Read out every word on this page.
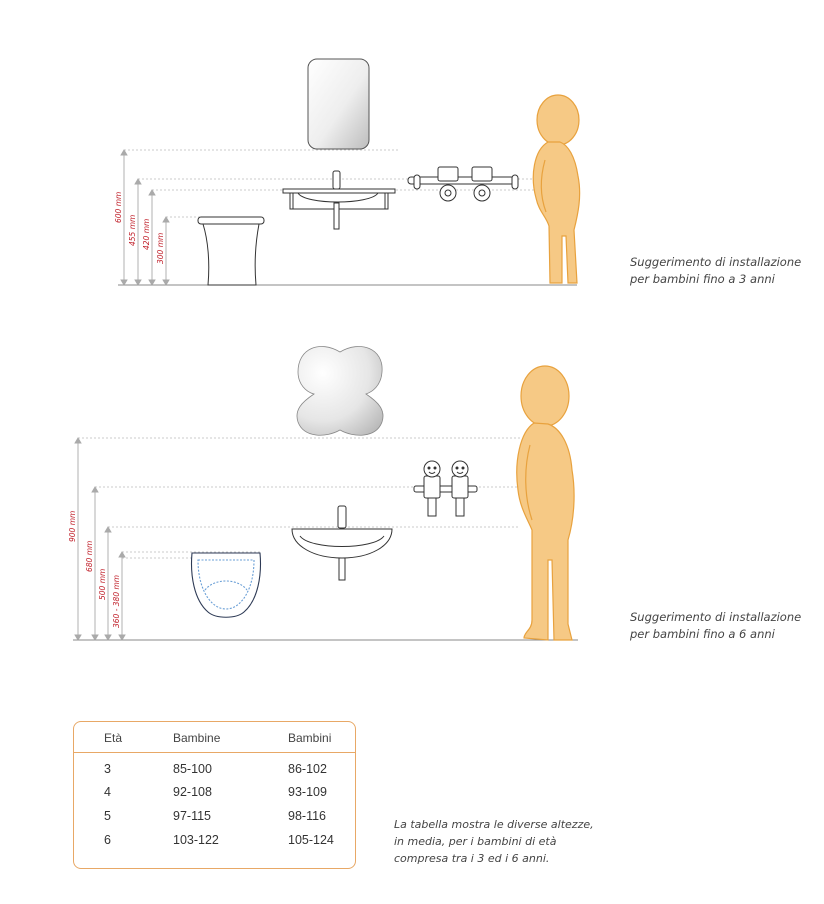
600 mm
455 mm 420 mm 300 mm
900 mm
680 mm
500 mm 360 - 380 mm
Suggerimento di installazione
per bambini fino a 3 anni
Suggerimento di installazione
per bambini fino a 6 anni
Età	Bambine	Bambini
3	85-100	86-102
4	92-108	93-109
5	97-115	98-116
6	103-122	105-124
La tabella mostra le diverse altezze,
in media, per i bambini di età
compresa tra i 3 ed i 6 anni.
